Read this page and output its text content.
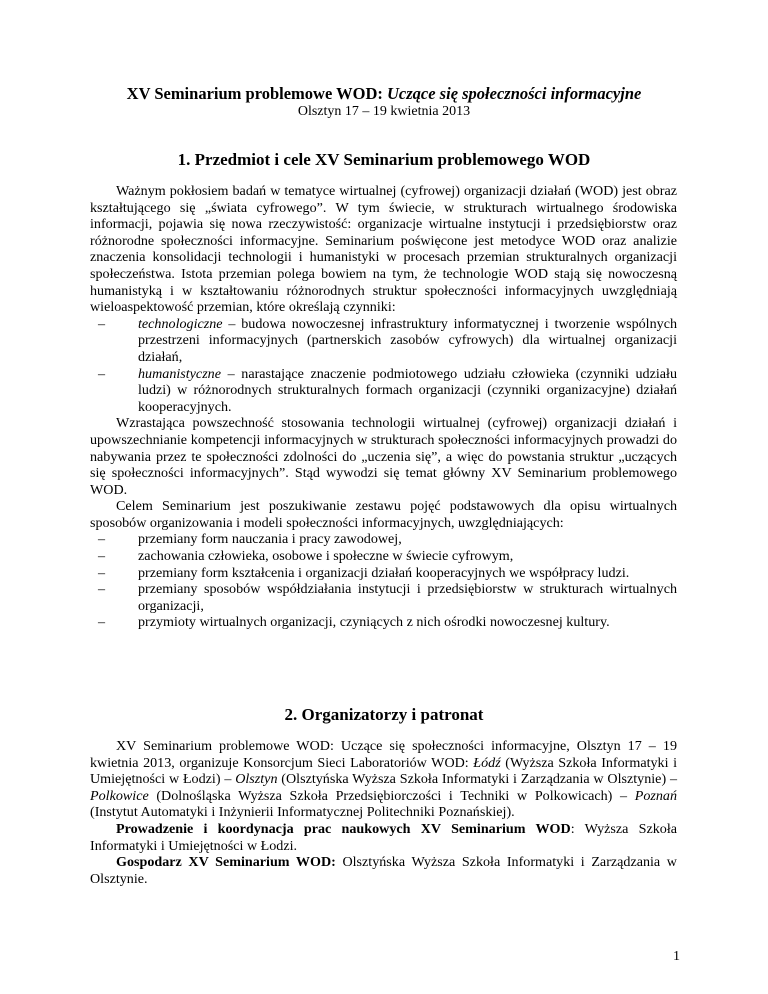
XV Seminarium problemowe WOD: Uczące się społeczności informacyjne
Olsztyn 17 – 19 kwietnia 2013
1. Przedmiot i cele XV Seminarium problemowego WOD

Ważnym pokłosiem badań w tematyce wirtualnej (cyfrowej) organizacji działań (WOD) jest obraz kształtującego się „świata cyfrowego”. W tym świecie, w strukturach wirtualnego środowiska informacji, pojawia się nowa rzeczywistość: organizacje wirtualne instytucji i przedsiębiorstw oraz różnorodne społeczności informacyjne. Seminarium poświęcone jest metodyce WOD oraz analizie znaczenia konsolidacji technologii i humanistyki w procesach przemian strukturalnych organizacji społeczeństwa. Istota przemian polega bowiem na tym, że technologie WOD stają się nowoczesną humanistyką i w kształtowaniu różnorodnych struktur społeczności informacyjnych uwzględniają wieloaspektowość przemian, które określają czynniki:

– technologiczne – budowa nowoczesnej infrastruktury informatycznej i tworzenie wspólnych przestrzeni informacyjnych (partnerskich zasobów cyfrowych) dla wirtualnej organizacji działań,
– humanistyczne – narastające znaczenie podmiotowego udziału człowieka (czynniki udziału ludzi) w różnorodnych strukturalnych formach organizacji (czynniki organizacyjne) działań kooperacyjnych.

Wzrastająca powszechność stosowania technologii wirtualnej (cyfrowej) organizacji działań i upowszechnianie kompetencji informacyjnych w strukturach społeczności informacyjnych prowadzi do nabywania przez te społeczności zdolności do „uczenia się”, a więc do powstania struktur „uczących się społeczności informacyjnych”. Stąd wywodzi się temat główny XV Seminarium problemowego WOD.

Celem Seminarium jest poszukiwanie zestawu pojęć podstawowych dla opisu wirtualnych sposobów organizowania i modeli społeczności informacyjnych, uwzględniających:

– przemiany form nauczania i pracy zawodowej,
– zachowania człowieka, osobowe i społeczne w świecie cyfrowym,
– przemiany form kształcenia i organizacji działań kooperacyjnych we współpracy ludzi.
– przemiany sposobów współdziałania instytucji i przedsiębiorstw w strukturach wirtualnych organizacji,
– przymioty wirtualnych organizacji, czyniących z nich ośrodki nowoczesnej kultury.
2. Organizatorzy i patronat

XV Seminarium problemowe WOD: Uczące się społeczności informacyjne, Olsztyn 17 – 19 kwietnia 2013, organizuje Konsorcjum Sieci Laboratoriów WOD: Łódź (Wyższa Szkoła Informatyki i Umiejętności w Łodzi) – Olsztyn (Olsztyńska Wyższa Szkoła Informatyki i Zarządzania w Olsztynie) – Polkowice (Dolnośląska Wyższa Szkoła Przedsiębiorczości i Techniki w Polkowicach) – Poznań (Instytut Automatyki i Inżynierii Informatycznej Politechniki Poznańskiej).

Prowadzenie i koordynacja prac naukowych XV Seminarium WOD: Wyższa Szkoła Informatyki i Umiejętności w Łodzi.

Gospodarz XV Seminarium WOD: Olsztyńska Wyższa Szkoła Informatyki i Zarządzania w Olsztynie.

1
